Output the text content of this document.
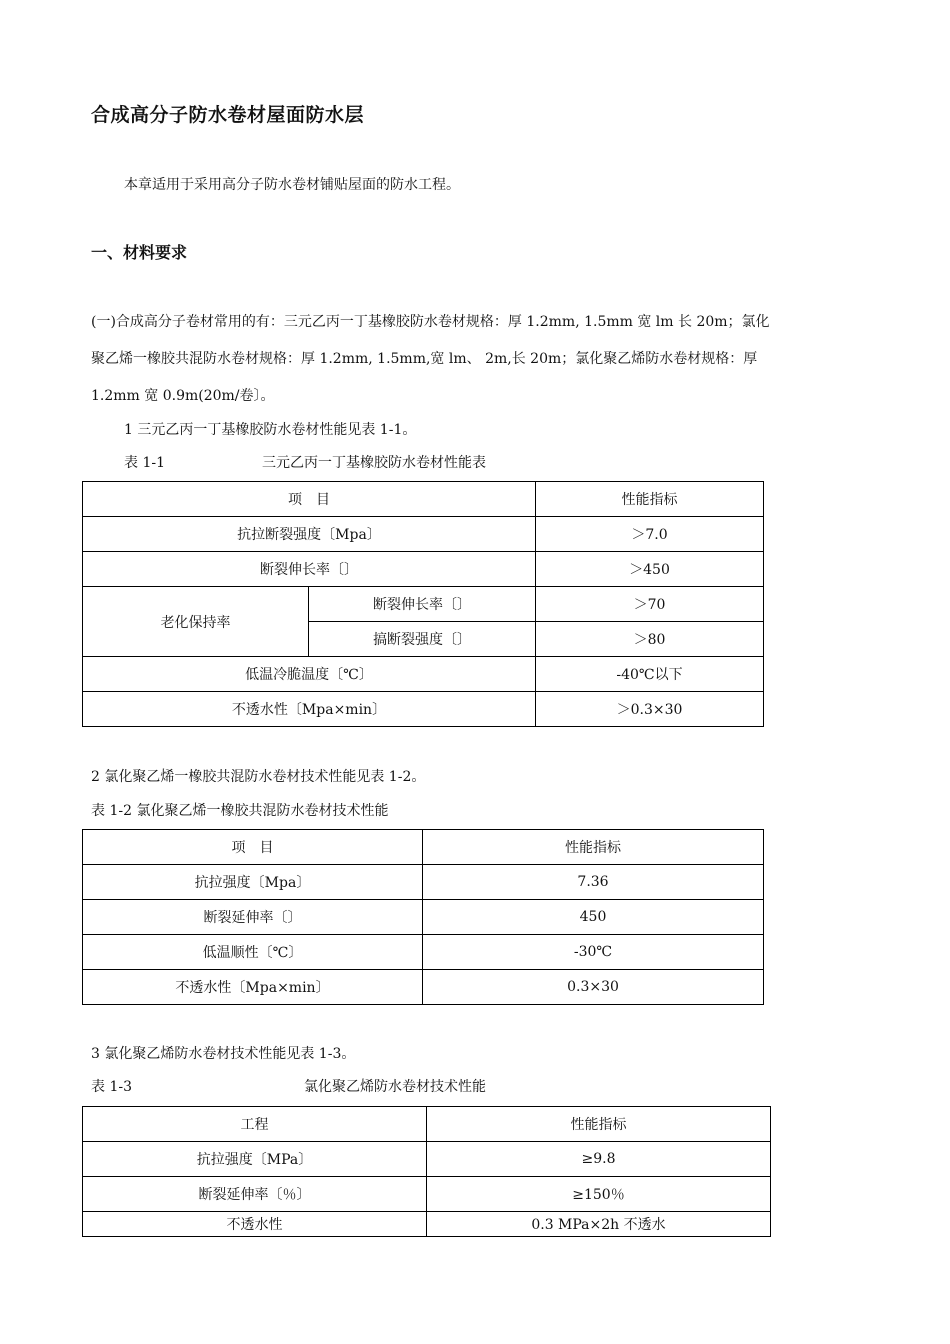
合成高分子防水卷材屋面防水层
本章适用于采用高分子防水卷材铺贴屋面的防水工程。
一、材料要求
(一)合成高分子卷材常用的有：三元乙丙一丁基橡胶防水卷材规格：厚 1.2mm, 1.5mm 宽 lm 长 20m；氯化
聚乙烯一橡胶共混防水卷材规格：厚 1.2mm, 1.5mm,宽 lm、 2m,长 20m；氯化聚乙烯防水卷材规格：厚
1.2mm 宽 0.9m(20m/卷〕。
1 三元乙丙一丁基橡胶防水卷材性能见表 1-1。
表 1-1	三元乙丙一丁基橡胶防水卷材性能表
项　目		性能指标
抗拉断裂强度〔Mpa〕		＞7.0
断裂伸长率〔〕		＞450
老化保持率	断裂伸长率〔〕	＞70
	搞断裂强度〔〕	＞80
低温冷脆温度〔℃〕		-40℃以下
不透水性〔Mpa×min〕		＞0.3×30
2 氯化聚乙烯一橡胶共混防水卷材技术性能见表 1-2。
表 1-2 氯化聚乙烯一橡胶共混防水卷材技术性能
项　目	性能指标
抗拉强度〔Mpa〕	7.36
断裂延伸率〔〕	450
低温顺性〔℃〕	-30℃
不透水性〔Mpa×min〕	0.3×30
3 氯化聚乙烯防水卷材技术性能见表 1-3。
表 1-3	氯化聚乙烯防水卷材技术性能
工程	性能指标
抗拉强度〔MPa〕	≥9.8
断裂延伸率〔％〕	≥150％
不透水性	0.3 MPa×2h 不透水
